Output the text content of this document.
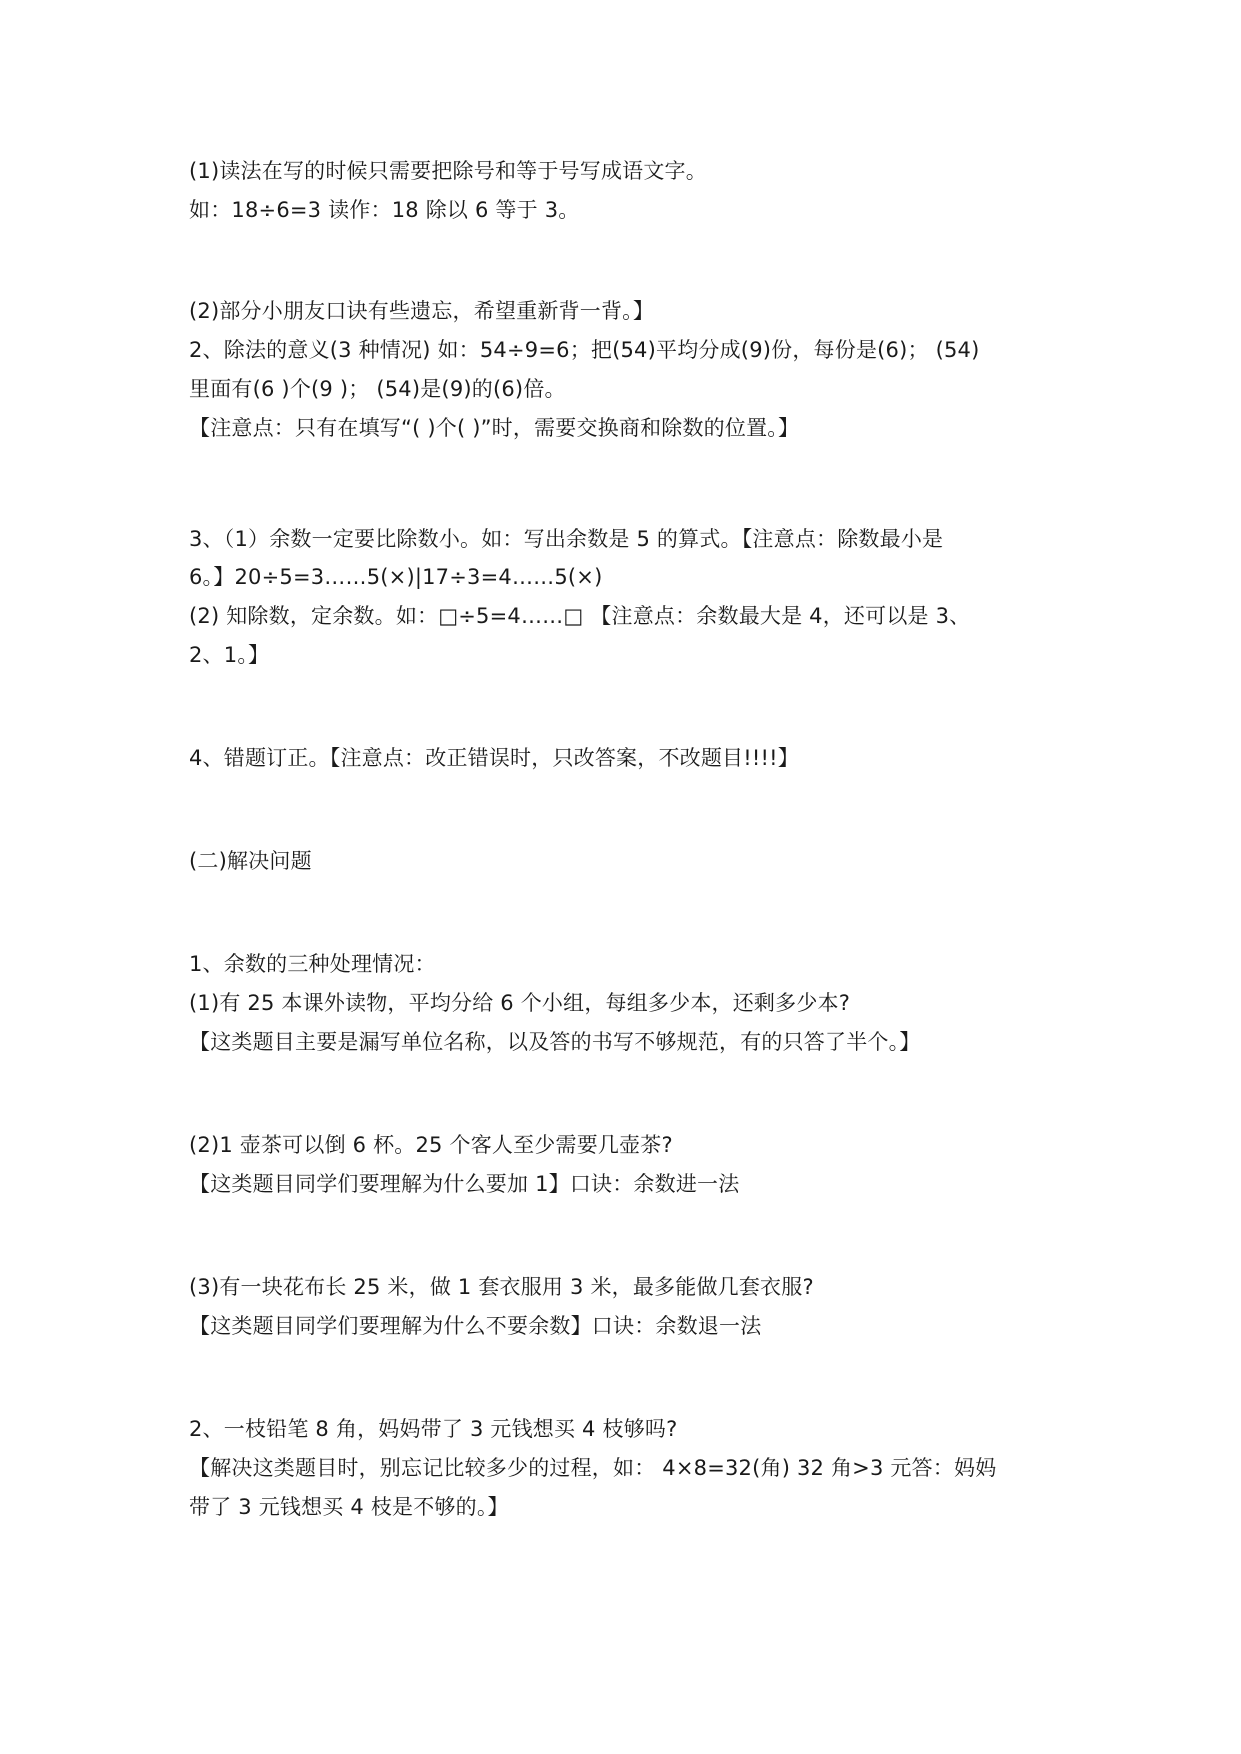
(1)读法在写的时候只需要把除号和等于号写成语文字。
如：18÷6=3 读作：18 除以 6 等于 3。
(2)部分小朋友口诀有些遗忘，希望重新背一背。】
2、除法的意义(3 种情况) 如：54÷9=6；把(54)平均分成(9)份，每份是(6)； (54)
里面有(6 )个(9 )； (54)是(9)的(6)倍。
【注意点：只有在填写“( )个( )”时，需要交换商和除数的位置。】
3、（1）余数一定要比除数小。如：写出余数是 5 的算式。【注意点：除数最小是
6。】20÷5=3……5(×)|17÷3=4……5(×)
(2) 知除数，定余数。如：□÷5=4……□ 【注意点：余数最大是 4，还可以是 3、
2、1。】
4、错题订正。【注意点：改正错误时，只改答案，不改题目!!!!】
(二)解决问题
1、余数的三种处理情况：
(1)有 25 本课外读物，平均分给 6 个小组，每组多少本，还剩多少本?
【这类题目主要是漏写单位名称，以及答的书写不够规范，有的只答了半个。】
(2)1 壶茶可以倒 6 杯。25 个客人至少需要几壶茶?
【这类题目同学们要理解为什么要加 1】口诀：余数进一法
(3)有一块花布长 25 米，做 1 套衣服用 3 米，最多能做几套衣服?
【这类题目同学们要理解为什么不要余数】口诀：余数退一法
2、一枝铅笔 8 角，妈妈带了 3 元钱想买 4 枝够吗?
【解决这类题目时，别忘记比较多少的过程，如： 4×8=32(角) 32 角>3 元答：妈妈
带了 3 元钱想买 4 枝是不够的。】
